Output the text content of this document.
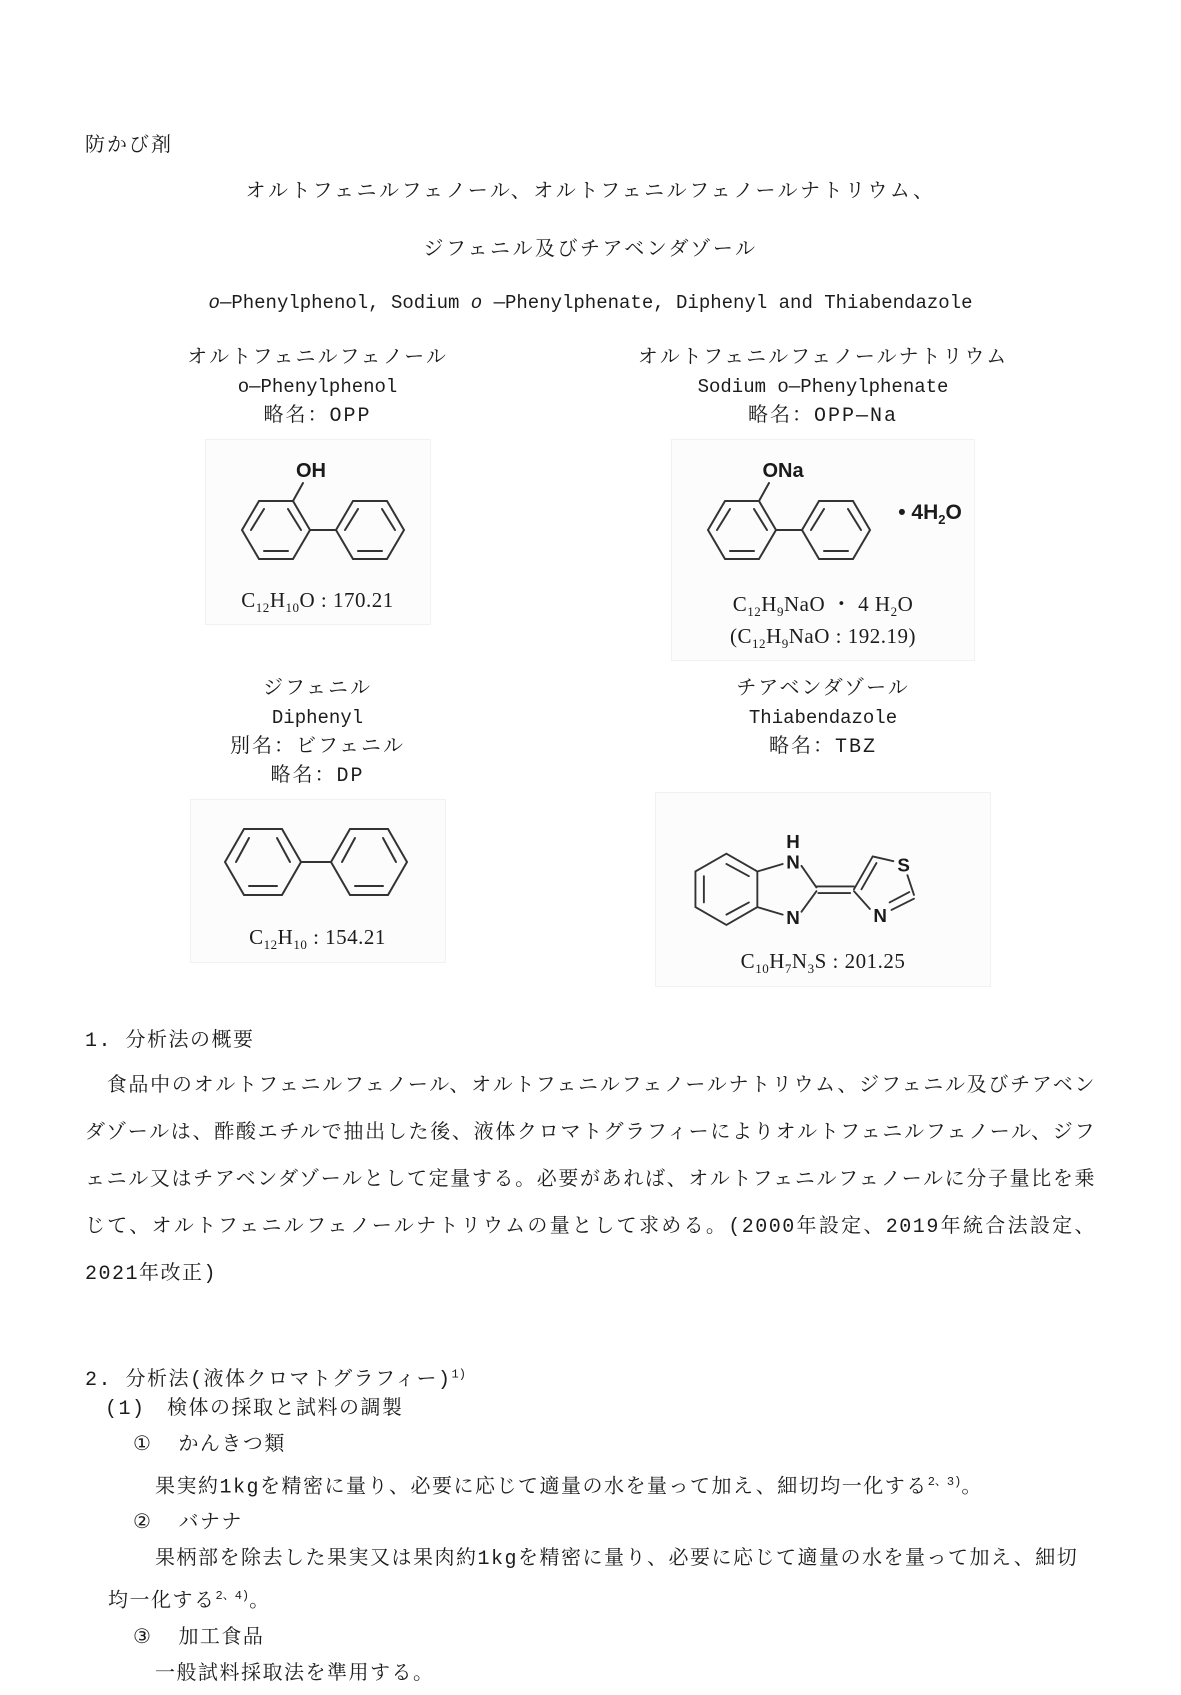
防かび剤
オルトフェニルフェノール、オルトフェニルフェノールナトリウム、
ジフェニル及びチアベンダゾール
o—Phenylphenol, Sodium o —Phenylphenate, Diphenyl and Thiabendazole
オルトフェニルフェノール
o—Phenylphenol
略名：OPP
OH
$C_{12}H_{10}O$ : 170.21
オルトフェニルフェノールナトリウム
Sodium o—Phenylphenate
略名：OPP—Na
ONa
• $4H_2O$
$C_{12}H_9NaO$ ・ 4 $H_2O$
($C_{12}H_9NaO$ : 192.19)
ジフェニル
Diphenyl
別名：ビフェニル
略名：DP
$C_{12}H_{10}$ : 154.21
チアベンダゾール
Thiabendazole
略名：TBZ
H
N
N
S
N
$C_{10}H_7N_3S$ : 201.25
1. 分析法の概要
　食品中のオルトフェニルフェノール、オルトフェニルフェノールナトリウム、ジフェニル及びチアベンダゾールは、酢酸エチルで抽出した後、液体クロマトグラフィーによりオルトフェニルフェノール、ジフェニル又はチアベンダゾールとして定量する。必要があれば、オルトフェニルフェノールに分子量比を乗じて、オルトフェニルフェノールナトリウムの量として求める。(2000年設定、2019年統合法設定、2021年改正)
2. 分析法(液体クロマトグラフィー)$^{1)}$
(1)　検体の採取と試料の調製
① かんきつ類
果実約1kgを精密に量り、必要に応じて適量の水を量って加え、細切均一化する$^{2、3)}$。
② バナナ
果柄部を除去した果実又は果肉約1kgを精密に量り、必要に応じて適量の水を量って加え、細切均一化する$^{2、4)}$。
③ 加工食品
一般試料採取法を準用する。
